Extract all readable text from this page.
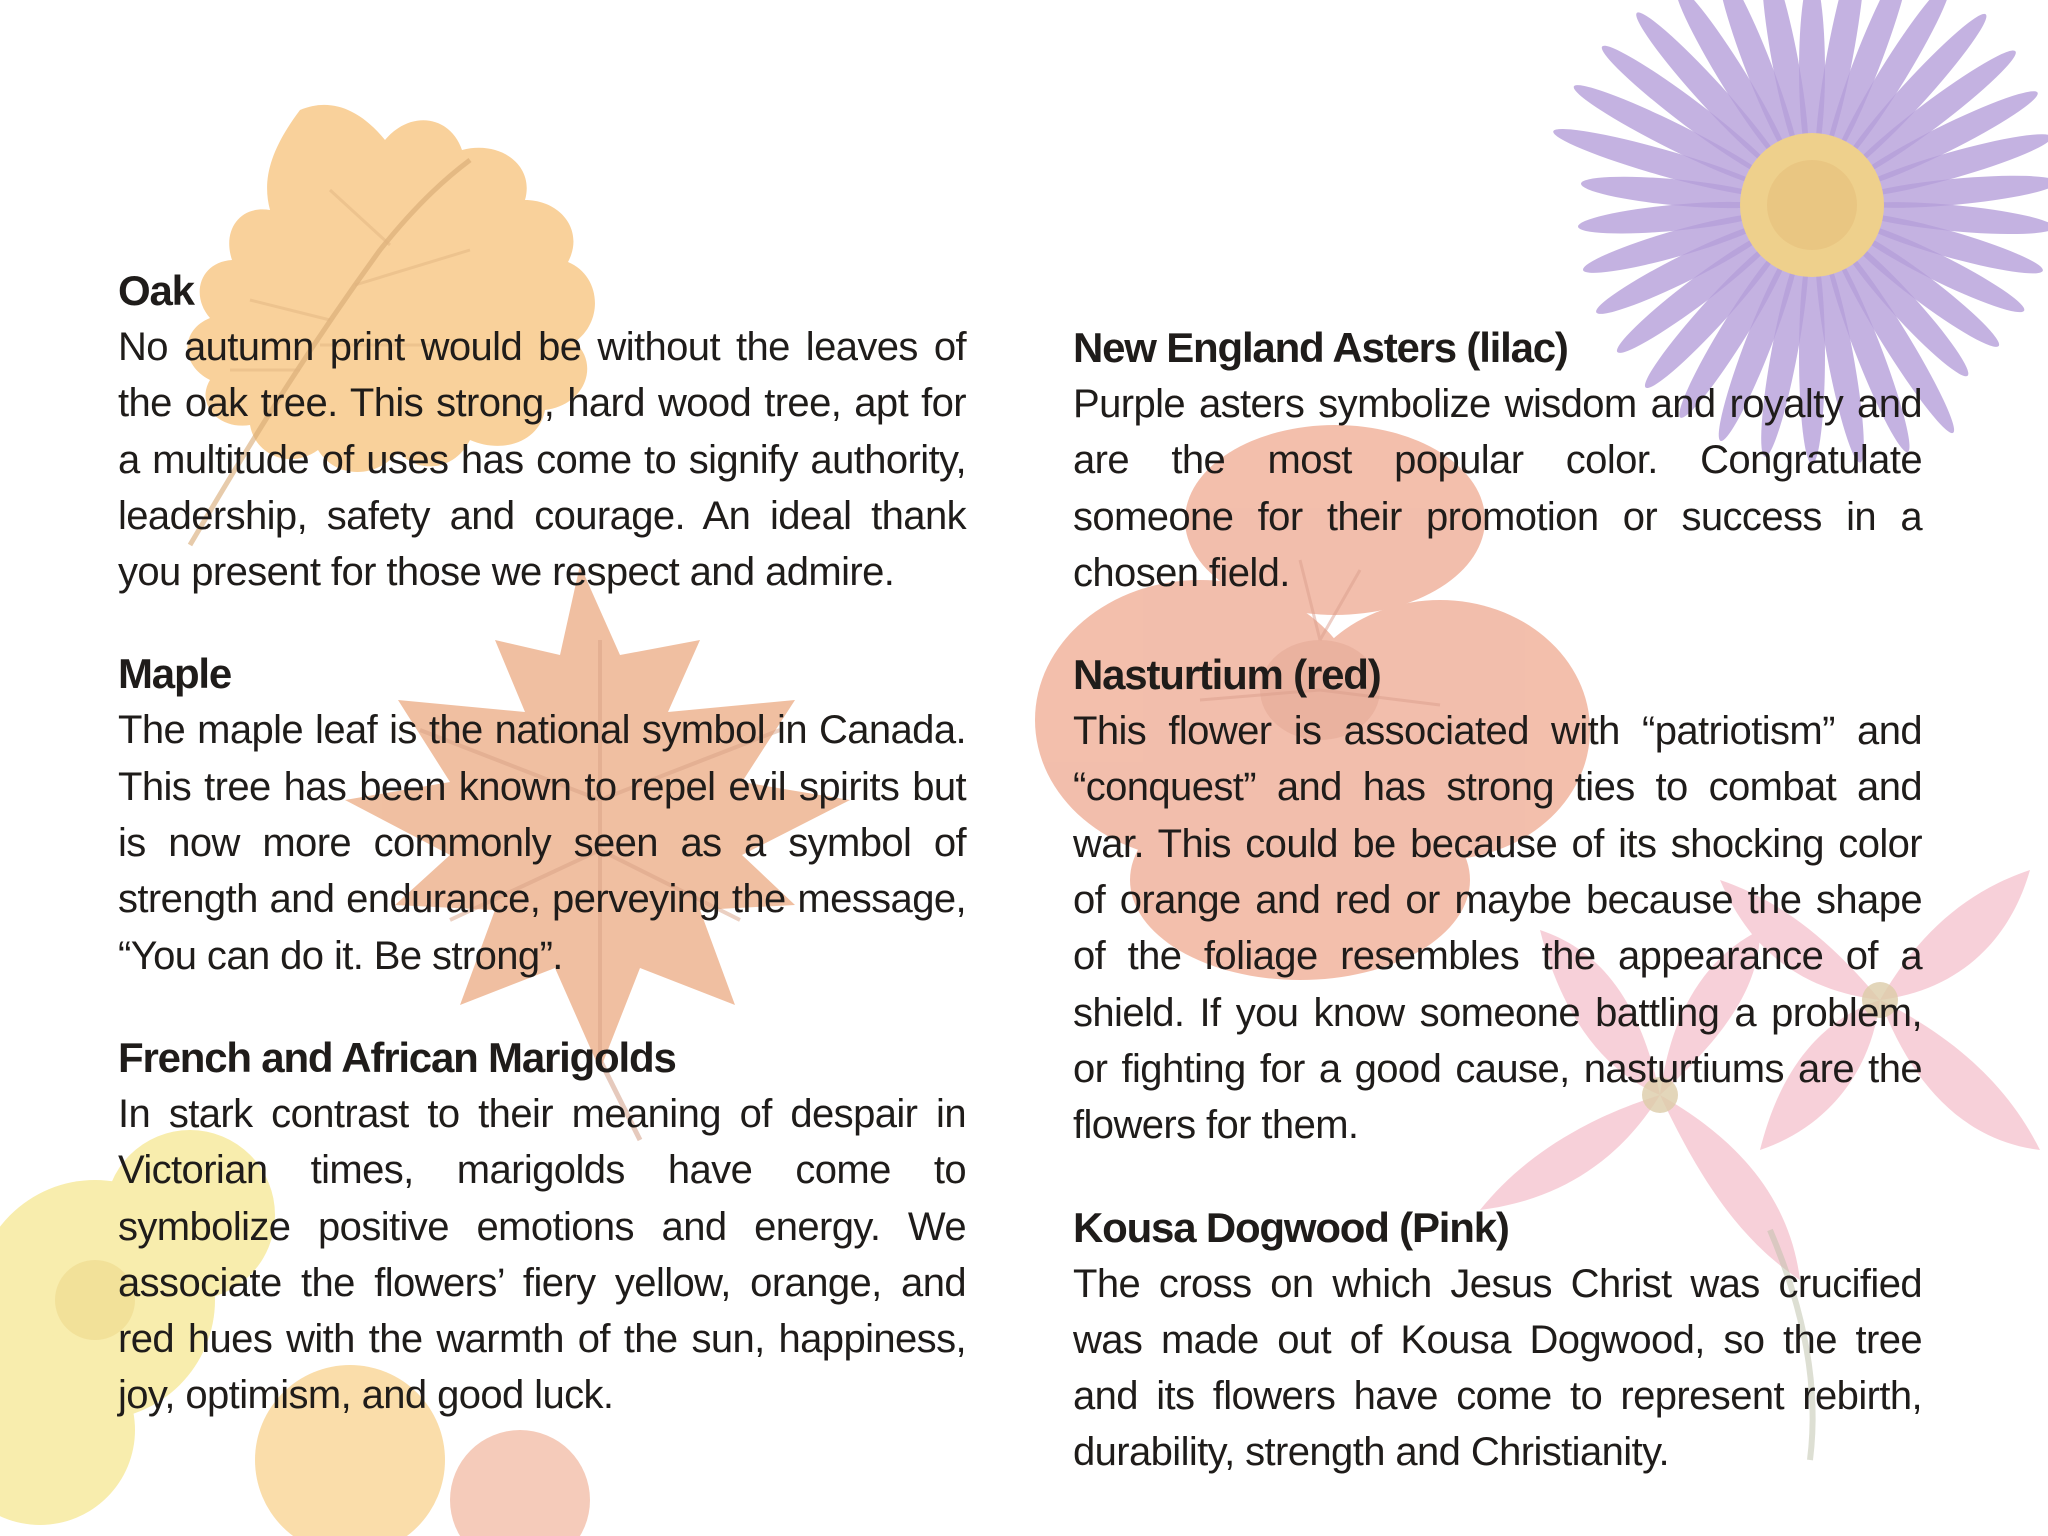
Oak

No autumn print would be without the leaves of the oak tree. This strong, hard wood tree, apt for a multitude of uses has come to signify authority, leadership, safety and courage. An ideal thank you present for those we respect and admire.

Maple

The maple leaf is the national symbol in Canada. This tree has been known to repel evil spirits but is now more commonly seen as a symbol of strength and endurance, perveying the message, “You can do it. Be strong”.

French and African Marigolds

In stark contrast to their meaning of despair in Victorian times, marigolds have come to symbolize positive emotions and energy. We associate the flowers’ fiery yellow, orange, and red hues with the warmth of the sun, happiness, joy, optimism, and good luck.

New England Asters (lilac)

Purple asters symbolize wisdom and royalty and are the most popular color. Congratulate someone for their promotion or success in a chosen field.

Nasturtium (red)

This flower is associated with “patriotism” and “conquest” and has strong ties to combat and war. This could be because of its shocking color of orange and red or maybe because the shape of the foliage resembles the appearance of a shield. If you know someone battling a problem, or fighting for a good cause, nasturtiums are the flowers for them.

Kousa Dogwood (Pink)

The cross on which Jesus Christ was crucified was made out of Kousa Dogwood, so the tree and its flowers have come to represent rebirth, durability, strength and Christianity.
